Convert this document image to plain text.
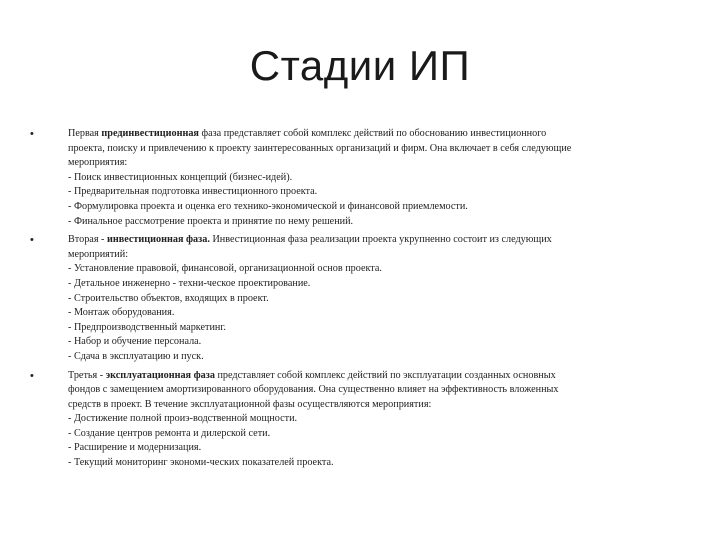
Стадии ИП
•	Первая прединвестиционная фаза представляет собой комплекс действий по обоснованию инвестиционного
проекта, поиску и привлечению к проекту заинтересованных организаций и фирм. Она включает в себя следующие
мероприятия:
- Поиск инвестиционных концепций (бизнес-идей).
- Предварительная подготовка инвестиционного проекта.
- Формулировка проекта и оценка его технико-экономической и финансовой приемлемости.
- Финальное рассмотрение проекта и принятие по нему решений.
•	Вторая - инвестиционная фаза. Инвестиционная фаза реализации проекта укрупненно состоит из следующих
мероприятий:
- Установление правовой, финансовой, организационной основ проекта.
- Детальное инженерно - техни-ческое проектирование.
- Строительство объектов, входящих в проект.
- Монтаж оборудования.
- Предпроизводственный маркетинг.
- Набор и обучение персонала.
- Сдача в эксплуатацию и пуск.
•	Третья - эксплуатационная фаза представляет собой комплекс действий по эксплуатации созданных основных
фондов с замещением амортизированного оборудования. Она существенно влияет на эффективность вложенных
средств в проект. В течение эксплуатационной фазы осуществляются мероприятия:
- Достижение полной проиэ-водственной мощности.
- Создание центров ремонта и дилерской сети.
- Расширение и модернизация.
- Текущий мониторинг экономи-ческих показателей проекта.
